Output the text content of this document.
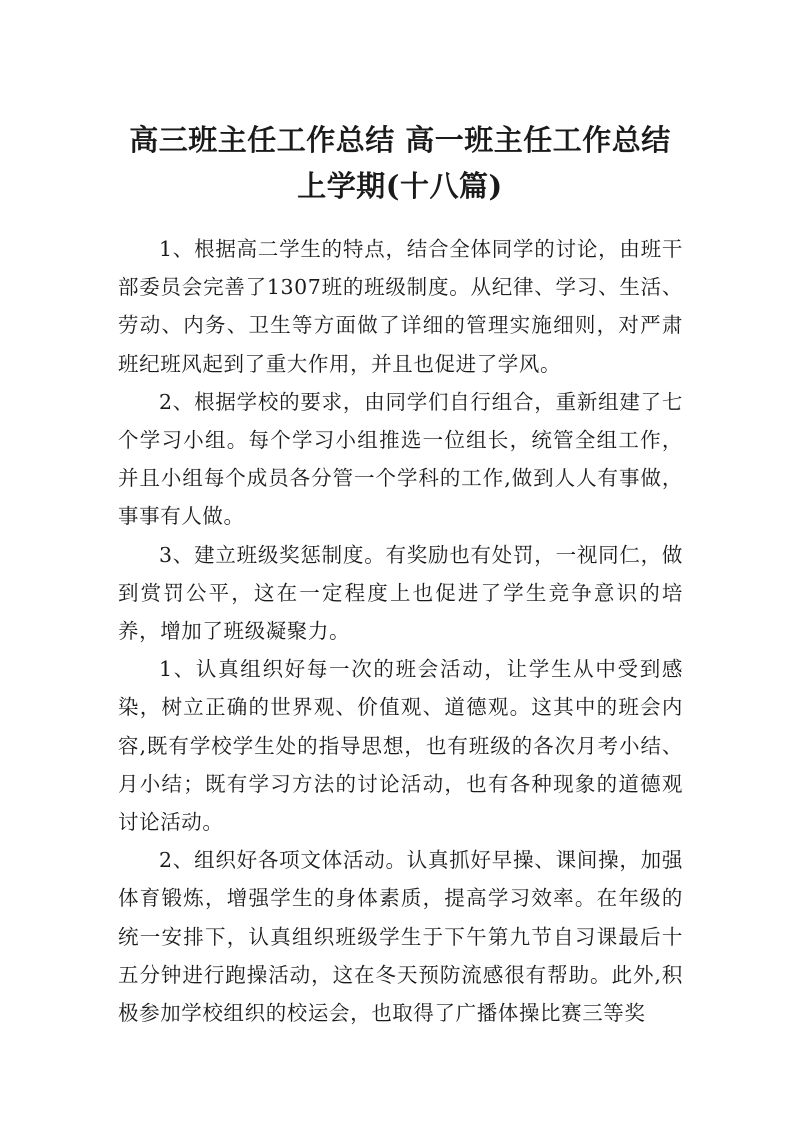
高三班主任工作总结 高一班主任工作总结
上学期(十八篇)

1、根据高二学生的特点，结合全体同学的讨论，由班干部委员会完善了1307班的班级制度。从纪律、学习、生活、劳动、内务、卫生等方面做了详细的管理实施细则，对严肃班纪班风起到了重大作用，并且也促进了学风。

2、根据学校的要求，由同学们自行组合，重新组建了七个学习小组。每个学习小组推选一位组长，统管全组工作，并且小组每个成员各分管一个学科的工作,做到人人有事做，事事有人做。

3、建立班级奖惩制度。有奖励也有处罚，一视同仁，做到赏罚公平，这在一定程度上也促进了学生竞争意识的培养，增加了班级凝聚力。

1、认真组织好每一次的班会活动，让学生从中受到感染，树立正确的世界观、价值观、道德观。这其中的班会内容,既有学校学生处的指导思想，也有班级的各次月考小结、月小结；既有学习方法的讨论活动，也有各种现象的道德观讨论活动。

2、组织好各项文体活动。认真抓好早操、课间操，加强体育锻炼，增强学生的身体素质，提高学习效率。在年级的统一安排下，认真组织班级学生于下午第九节自习课最后十五分钟进行跑操活动，这在冬天预防流感很有帮助。此外,积极参加学校组织的校运会，也取得了广播体操比赛三等奖
